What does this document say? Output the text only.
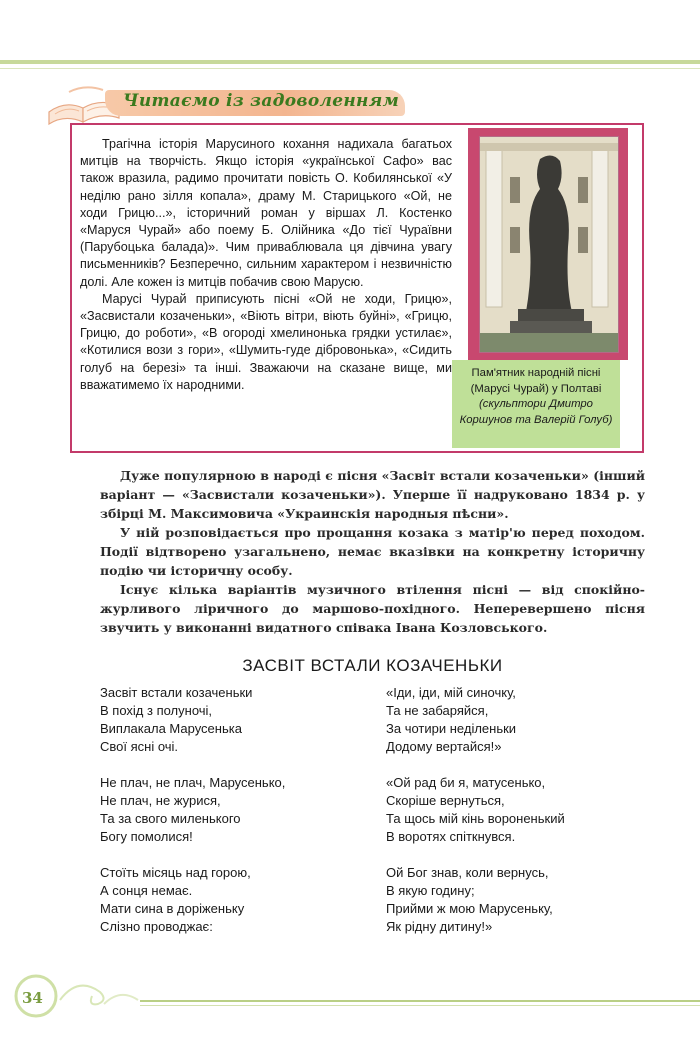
Читаємо із задоволенням

Трагічна історія Марусиного кохання надихала багатьох митців на творчість. Якщо історія «української Сафо» вас також вразила, радимо прочитати повість О. Кобилянської «У неділю рано зілля копала», драму М. Старицького «Ой, не ходи Грицю...», історичний роман у віршах Л. Костенко «Маруся Чурай» або поему Б. Олійника «До тієї Чураївни (Парубоцька балада)». Чим приваблювала ця дівчина увагу письменників? Безперечно, сильним характером і незвичністю долі. Але кожен із митців побачив свою Марусю.

Марусі Чурай приписують пісні «Ой не ходи, Грицю», «Засвистали козаченьки», «Віють вітри, віють буйні», «Грицю, Грицю, до роботи», «В огороді хмелинонька грядки устилає», «Котилися вози з гори», «Шумить-гуде дібровонька», «Сидить голуб на березі» та інші. Зважаючи на сказане вище, ми вважатимемо їх народними.

Пам'ятник народній пісні (Марусі Чурай) у Полтаві (скульптори Дмитро Коршунов та Валерій Голуб)

Дуже популярною в народі є пісня «Засвіт встали козаченьки» (інший варіант — «Засвистали козаченьки»). Уперше її надруковано 1834 р. у збірці М. Максимовича «Украинскія народныя пѣсни».

У ній розповідається про прощання козака з матір'ю перед походом. Події відтворено узагальнено, немає вказівки на конкретну історичну подію чи історичну особу.

Існує кілька варіантів музичного втілення пісні — від спокійно-журливого ліричного до маршово-похідного. Неперевершено пісня звучить у виконанні видатного співака Івана Козловського.

ЗАСВІТ ВСТАЛИ КОЗАЧЕНЬКИ
Засвіт встали козаченьки
В похід з полуночі,
Виплакала Марусенька
Свої ясні очі.
Не плач, не плач, Марусенько,
Не плач, не журися,
Та за свого миленького
Богу помолися!
Стоїть місяць над горою,
А сонця немає.
Мати сина в доріженьку
Слізно проводжає:
«Іди, іди, мій синочку,
Та не забаряйся,
За чотири неділеньки
Додому вертайся!»
«Ой рад би я, матусенько,
Скоріше вернуться,
Та щось мій кінь вороненький
В воротях спіткнувся.
Ой Бог знав, коли вернусь,
В якую годину;
Прийми ж мою Марусеньку,
Як рідну дитину!»
34
